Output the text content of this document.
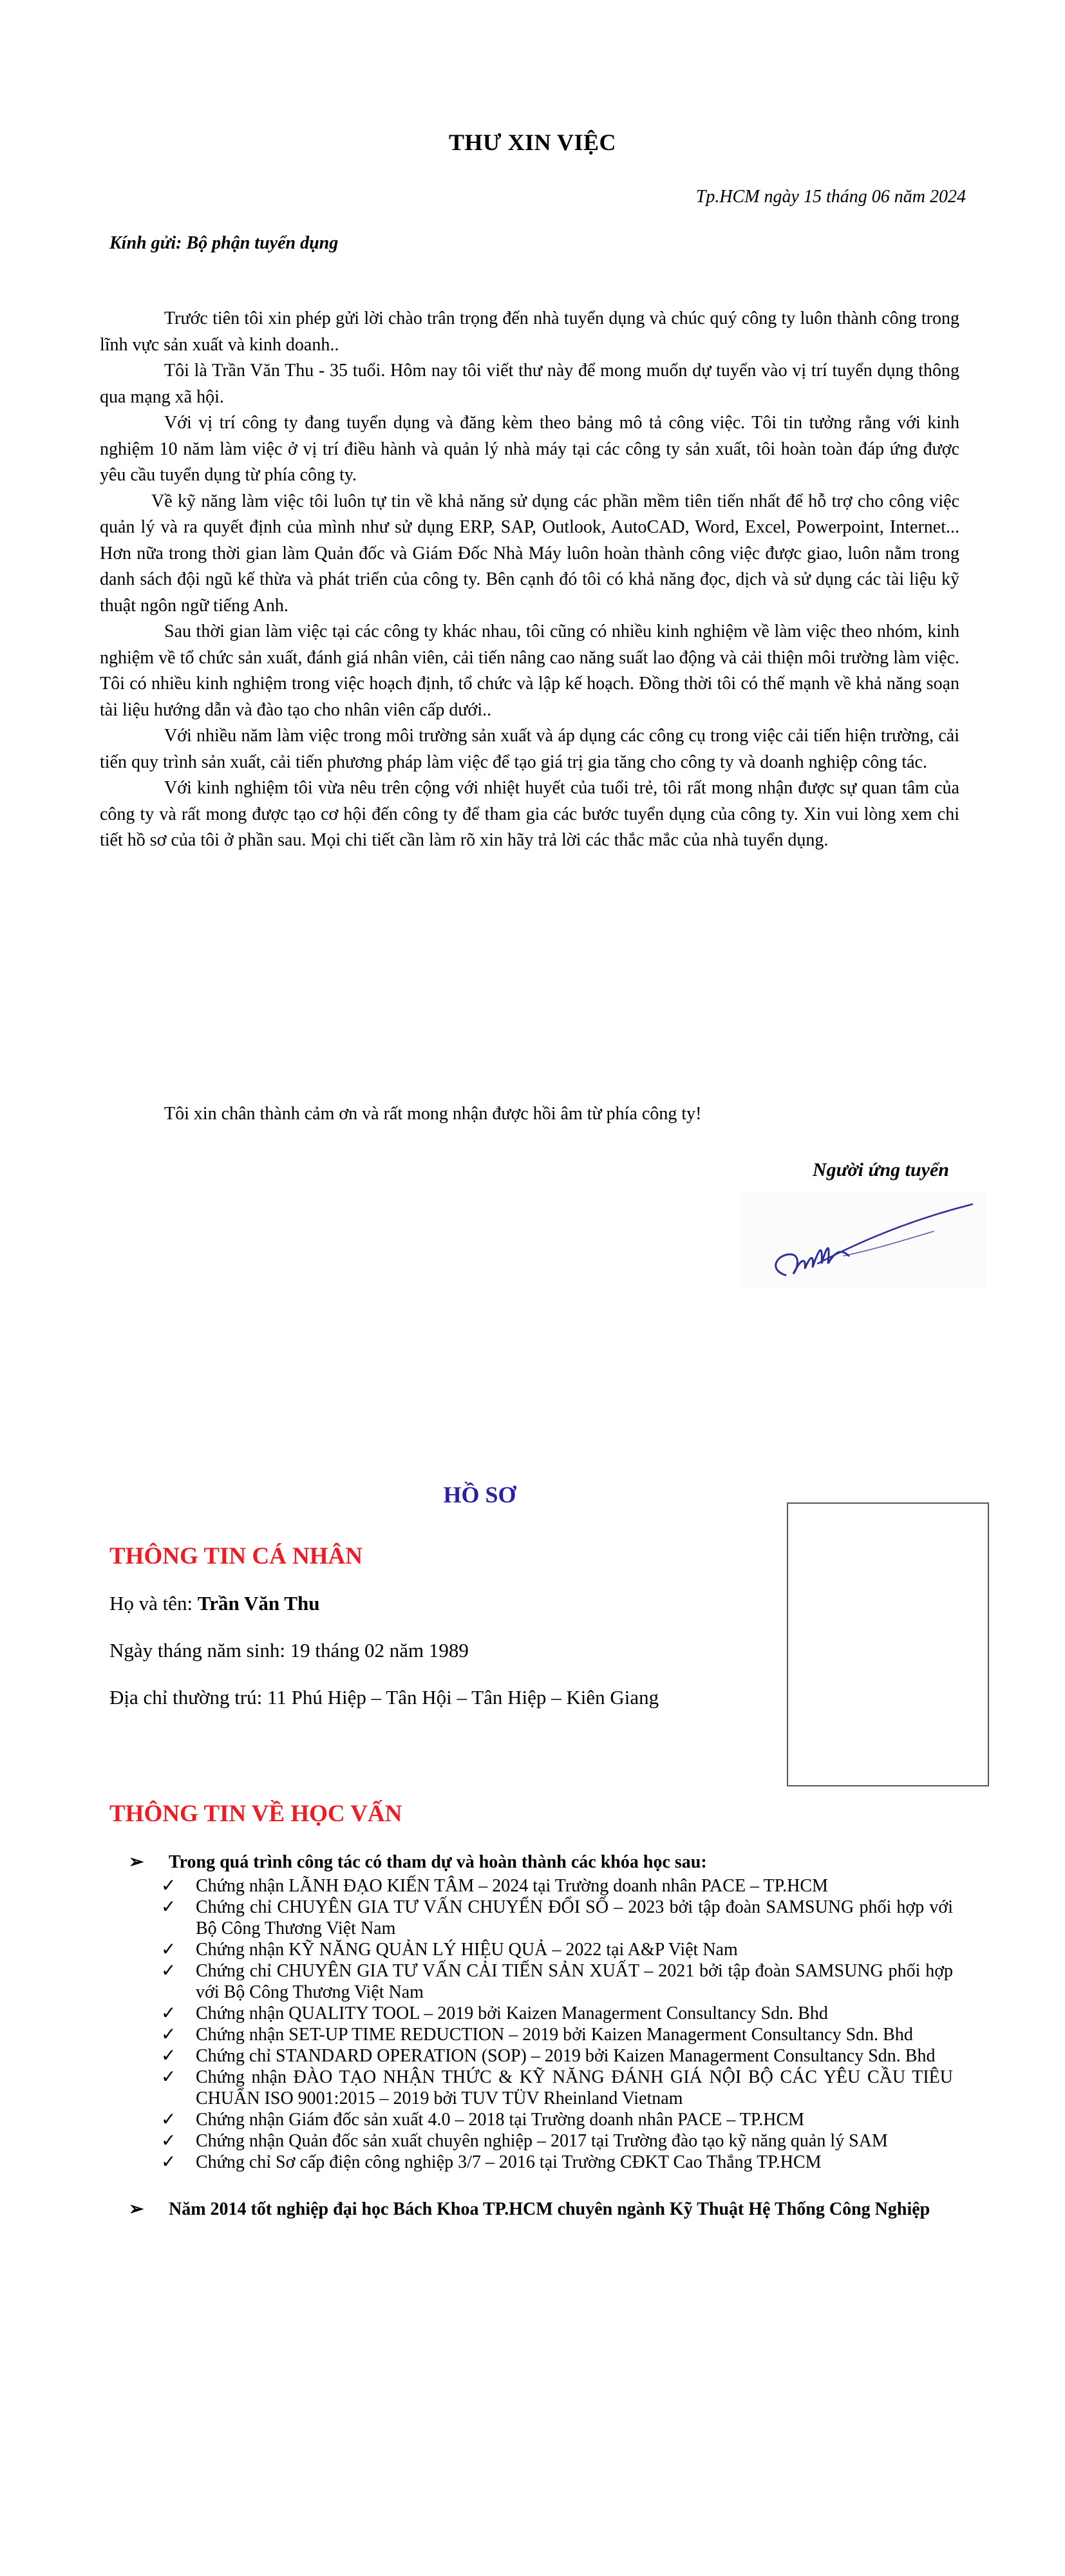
THƯ XIN VIỆC
Tp.HCM ngày 15 tháng 06 năm 2024
Kính gửi: Bộ phận tuyển dụng

Trước tiên tôi xin phép gửi lời chào trân trọng đến nhà tuyển dụng và chúc quý công ty luôn thành công trong lĩnh vực sản xuất và kinh doanh..

Tôi là Trần Văn Thu - 35 tuổi. Hôm nay tôi viết thư này để mong muốn dự tuyển vào vị trí tuyển dụng thông qua mạng xã hội.

Với vị trí công ty đang tuyển dụng và đăng kèm theo bảng mô tả công việc. Tôi tin tưởng rằng với kinh nghiệm 10 năm làm việc ở vị trí điều hành và quản lý nhà máy tại các công ty sản xuất, tôi hoàn toàn đáp ứng được yêu cầu tuyển dụng từ phía công ty.

Về kỹ năng làm việc tôi luôn tự tin về khả năng sử dụng các phần mềm tiên tiến nhất để hỗ trợ cho công việc quản lý và ra quyết định của mình như sử dụng ERP, SAP, Outlook, AutoCAD, Word, Excel, Powerpoint, Internet... Hơn nữa trong thời gian làm Quản đốc và Giám Đốc Nhà Máy luôn hoàn thành công việc được giao, luôn nằm trong danh sách đội ngũ kế thừa và phát triển của công ty. Bên cạnh đó tôi có khả năng đọc, dịch và sử dụng các tài liệu kỹ thuật ngôn ngữ tiếng Anh.

Sau thời gian làm việc tại các công ty khác nhau, tôi cũng có nhiều kinh nghiệm về làm việc theo nhóm, kinh nghiệm về tổ chức sản xuất, đánh giá nhân viên, cải tiến nâng cao năng suất lao động và cải thiện môi trường làm việc. Tôi có nhiều kinh nghiệm trong việc hoạch định, tổ chức và lập kế hoạch. Đồng thời tôi có thế mạnh về khả năng soạn tài liệu hướng dẫn và đào tạo cho nhân viên cấp dưới..

Với nhiều năm làm việc trong môi trường sản xuất và áp dụng các công cụ trong việc cải tiến hiện trường, cải tiến quy trình sản xuất, cải tiến phương pháp làm việc để tạo giá trị gia tăng cho công ty và doanh nghiệp công tác.

Với kinh nghiệm tôi vừa nêu trên cộng với nhiệt huyết của tuổi trẻ, tôi rất mong nhận được sự quan tâm của công ty và rất mong được tạo cơ hội đến công ty để tham gia các bước tuyển dụng của công ty. Xin vui lòng xem chi tiết hồ sơ của tôi ở phần sau. Mọi chi tiết cần làm rõ xin hãy trả lời các thắc mắc của nhà tuyển dụng.

Tôi xin chân thành cảm ơn và rất mong nhận được hồi âm từ phía công ty!
Người ứng tuyển
HỒ SƠ
THÔNG TIN CÁ NHÂN
Họ và tên: Trần Văn Thu
Ngày tháng năm sinh: 19 tháng 02 năm 1989
Địa chỉ thường trú: 11 Phú Hiệp – Tân Hội – Tân Hiệp – Kiên Giang
THÔNG TIN VỀ HỌC VẤN
➢ Trong quá trình công tác có tham dự và hoàn thành các khóa học sau:
✓ Chứng nhận LÃNH ĐẠO KIẾN TÂM – 2024 tại Trường doanh nhân PACE – TP.HCM
✓ Chứng chỉ CHUYÊN GIA TƯ VẤN CHUYỂN ĐỔI SỐ – 2023 bởi tập đoàn SAMSUNG phối hợp với Bộ Công Thương Việt Nam
✓ Chứng nhận KỸ NĂNG QUẢN LÝ HIỆU QUẢ – 2022 tại A&P Việt Nam
✓ Chứng chỉ CHUYÊN GIA TƯ VẤN CẢI TIẾN SẢN XUẤT – 2021 bởi tập đoàn SAMSUNG phối hợp với Bộ Công Thương Việt Nam
✓ Chứng nhận QUALITY TOOL – 2019 bởi Kaizen Managerment Consultancy Sdn. Bhd
✓ Chứng nhận SET-UP TIME REDUCTION – 2019 bởi Kaizen Managerment Consultancy Sdn. Bhd
✓ Chứng chỉ STANDARD OPERATION (SOP) – 2019 bởi Kaizen Managerment Consultancy Sdn. Bhd
✓ Chứng nhận ĐÀO TẠO NHẬN THỨC & KỸ NĂNG ĐÁNH GIÁ NỘI BỘ CÁC YÊU CẦU TIÊU CHUẨN ISO 9001:2015 – 2019 bởi TUV TÜV Rheinland Vietnam
✓ Chứng nhận Giám đốc sản xuất 4.0 – 2018 tại Trường doanh nhân PACE – TP.HCM
✓ Chứng nhận Quản đốc sản xuất chuyên nghiệp – 2017 tại Trường đào tạo kỹ năng quản lý SAM
✓ Chứng chỉ Sơ cấp điện công nghiệp 3/7 – 2016 tại Trường CĐKT Cao Thắng TP.HCM
➢ Năm 2014 tốt nghiệp đại học Bách Khoa TP.HCM chuyên ngành Kỹ Thuật Hệ Thống Công Nghiệp
